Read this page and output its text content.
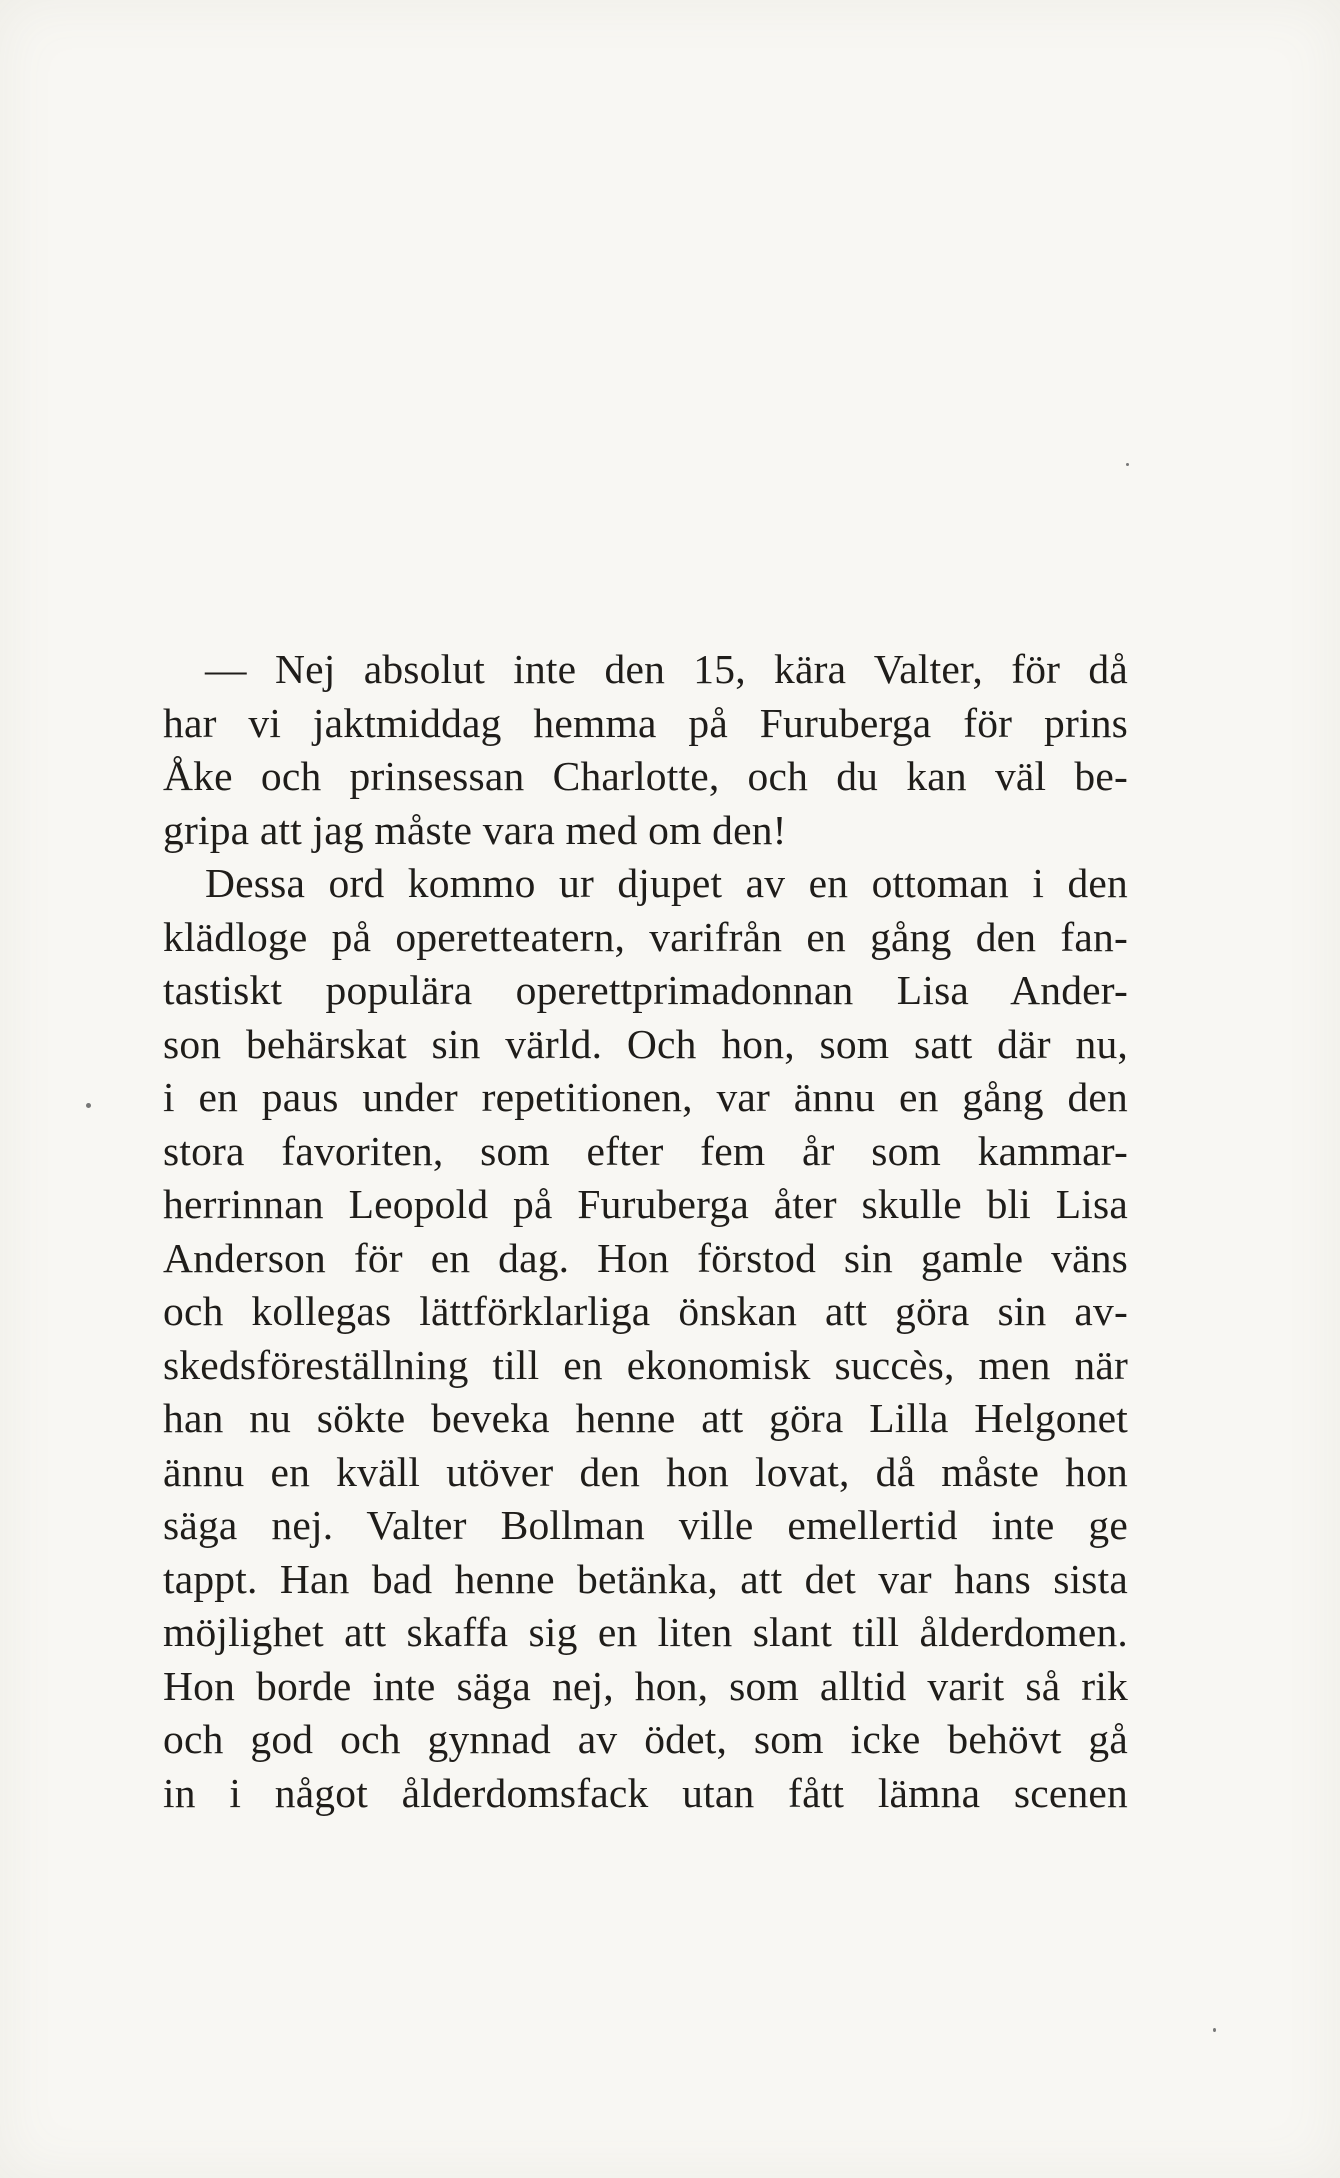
— Nej absolut inte den 15, kära Valter, för då
har vi jaktmiddag hemma på Furuberga för prins
Åke och prinsessan Charlotte, och du kan väl be-
gripa att jag måste vara med om den!
Dessa ord kommo ur djupet av en ottoman i den
klädloge på operetteatern, varifrån en gång den fan-
tastiskt populära operettprimadonnan Lisa Ander-
son behärskat sin värld. Och hon, som satt där nu,
i en paus under repetitionen, var ännu en gång den
stora favoriten, som efter fem år som kammar-
herrinnan Leopold på Furuberga åter skulle bli Lisa
Anderson för en dag. Hon förstod sin gamle väns
och kollegas lättförklarliga önskan att göra sin av-
skedsföreställning till en ekonomisk succès, men när
han nu sökte beveka henne att göra Lilla Helgonet
ännu en kväll utöver den hon lovat, då måste hon
säga nej. Valter Bollman ville emellertid inte ge
tappt. Han bad henne betänka, att det var hans sista
möjlighet att skaffa sig en liten slant till ålderdomen.
Hon borde inte säga nej, hon, som alltid varit så rik
och god och gynnad av ödet, som icke behövt gå
in i något ålderdomsfack utan fått lämna scenen
